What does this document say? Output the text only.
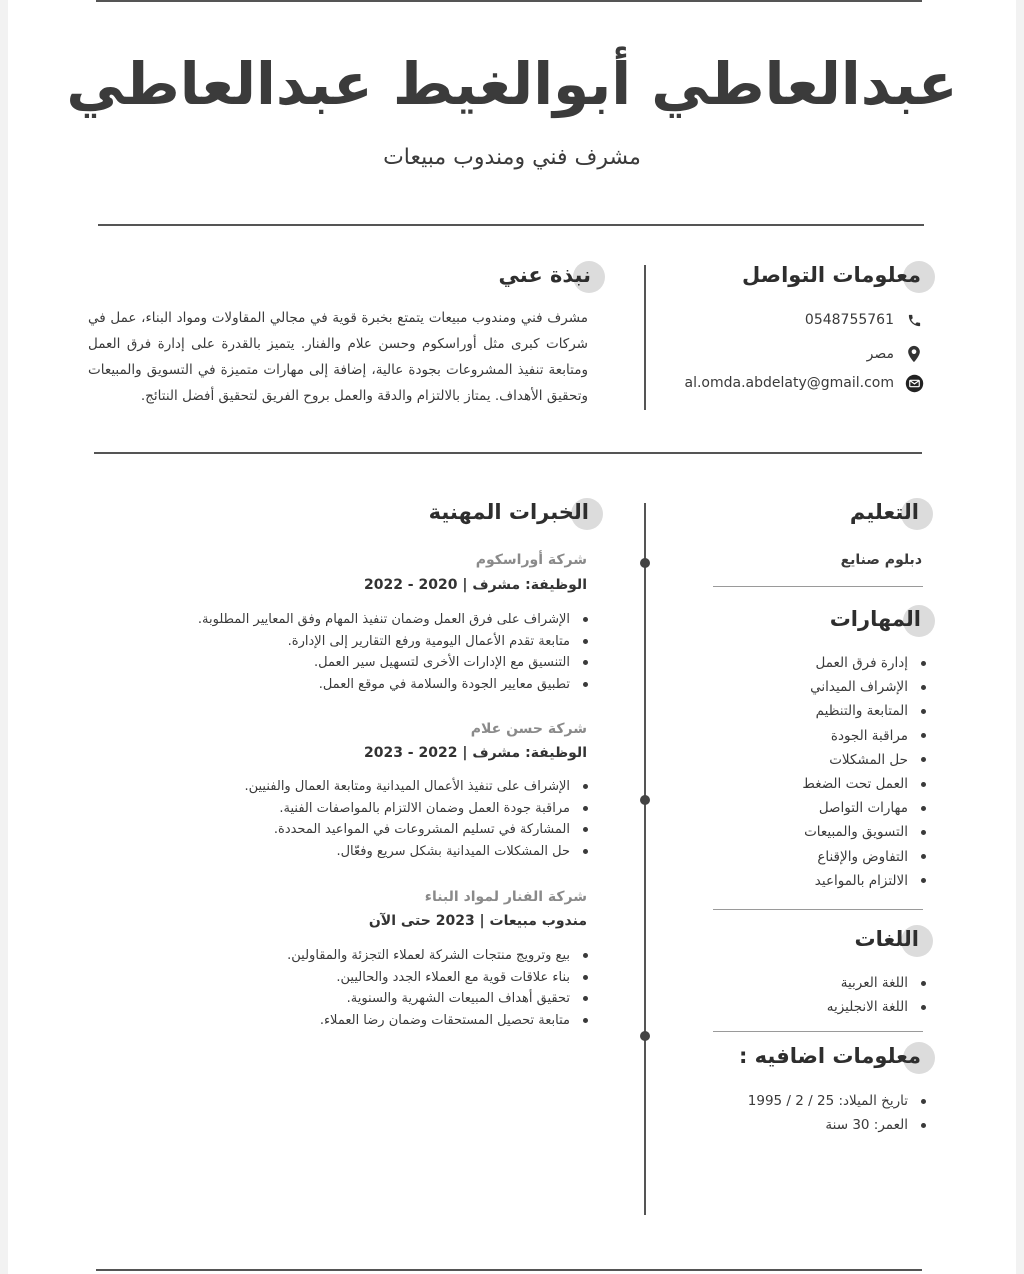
عبدالعاطي أبوالغيط عبدالعاطي
مشرف فني ومندوب مبيعات
معلومات التواصل
0548755761
مصر
al.omda.abdelaty@gmail.com
نبذة عني
مشرف فني ومندوب مبيعات يتمتع بخبرة قوية في مجالي المقاولات ومواد البناء، عمل في شركات كبرى مثل أوراسكوم وحسن علام والفنار. يتميز بالقدرة على إدارة فرق العمل ومتابعة تنفيذ المشروعات بجودة عالية، إضافة إلى مهارات متميزة في التسويق والمبيعات وتحقيق الأهداف. يمتاز بالالتزام والدقة والعمل بروح الفريق لتحقيق أفضل النتائج.
التعليم
دبلوم صنايع
المهارات
إدارة فرق العمل
الإشراف الميداني
المتابعة والتنظيم
مراقبة الجودة
حل المشكلات
العمل تحت الضغط
مهارات التواصل
التسويق والمبيعات
التفاوض والإقناع
الالتزام بالمواعيد
اللغات
اللغة العربية
اللغة الانجليزيه
معلومات اضافيه :
تاريخ الميلاد: 25 / 2 / 1995
العمر: 30 سنة
الخبرات المهنية
شركة أوراسكوم
الوظيفة: مشرف | 2020 - 2022
الإشراف على فرق العمل وضمان تنفيذ المهام وفق المعايير المطلوبة.
متابعة تقدم الأعمال اليومية ورفع التقارير إلى الإدارة.
التنسيق مع الإدارات الأخرى لتسهيل سير العمل.
تطبيق معايير الجودة والسلامة في موقع العمل.
شركة حسن علام
الوظيفة: مشرف | 2022 - 2023
الإشراف على تنفيذ الأعمال الميدانية ومتابعة العمال والفنيين.
مراقبة جودة العمل وضمان الالتزام بالمواصفات الفنية.
المشاركة في تسليم المشروعات في المواعيد المحددة.
حل المشكلات الميدانية بشكل سريع وفعّال.
شركة الفنار لمواد البناء
مندوب مبيعات | 2023 حتى الآن
بيع وترويج منتجات الشركة لعملاء التجزئة والمقاولين.
بناء علاقات قوية مع العملاء الجدد والحاليين.
تحقيق أهداف المبيعات الشهرية والسنوية.
متابعة تحصيل المستحقات وضمان رضا العملاء.
